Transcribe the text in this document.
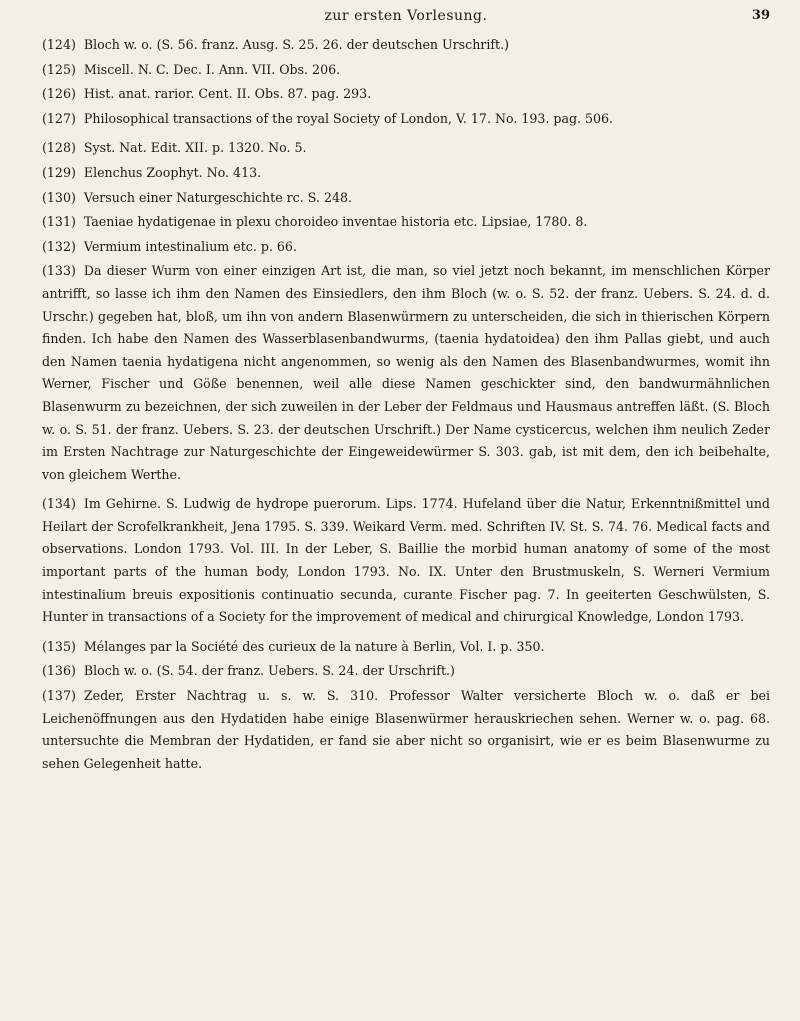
zur ersten Vorlesung.	39

(124) Bloch w. o. (S. 56. franz. Ausg. S. 25. 26. der deutschen Urschrift.)

(125) Miscell. N. C. Dec. I. Ann. VII. Obs. 206.

(126) Hist. anat. rarior. Cent. II. Obs. 87. pag. 293.

(127) Philosophical transactions of the royal Society of London, V. 17. No. 193. pag. 506.

(128) Syst. Nat. Edit. XII. p. 1320. No. 5.

(129) Elenchus Zoophyt. No. 413.

(130) Versuch einer Naturgeschichte rc. S. 248.

(131) Taeniae hydatigenae in plexu choroideo inventae historia etc. Lipsiae, 1780. 8.

(132) Vermium intestinalium etc. p. 66.

(133) Da dieser Wurm von einer einzigen Art ist, die man, so viel jetzt noch bekannt, im menschlichen Körper antrifft, so lasse ich ihm den Namen des Einsiedlers, den ihm Bloch (w. o. S. 52. der franz. Uebers. S. 24. d. d. Urschr.) gegeben hat, bloß, um ihn von andern Blasenwürmern zu unterscheiden, die sich in thierischen Körpern finden. Ich habe den Namen des Wasserblasenbandwurms, (taenia hydatoidea) den ihm Pallas giebt, und auch den Namen taenia hydatigena nicht angenommen, so wenig als den Namen des Blasenbandwurmes, womit ihn Werner, Fischer und Göße benennen, weil alle diese Namen gesch​ickter sind, den bandwurmähnlichen Blasenwurm zu bezeichnen, der sich zuweilen in der Leber der Feldmaus und Hausmaus antreffen läßt. (S. Bloch w. o. S. 51. der franz. Uebers. S. 23. der deutschen Urschrift.) Der Name cysticercus, welchen ihm neulich Zeder im Ersten Nachtrage zur Naturgeschichte der Eingeweidewürmer S. 303. gab, ist mit dem, den ich beibehalte, von gleichem Werthe.

(134) Im Gehirne. S. Ludwig de hydrope puerorum. Lips. 1774. Hufeland über die Natur, Erkenntnißmittel und Heilart der Scrofelkrankheit, Jena 1795. S. 339. Weikard Verm. med. Schriften IV. St. S. 74. 76. Medical facts and observations. London 1793. Vol. III. In der Leber, S. Baillie the morbid human anatomy of some of the most important parts of the human body, London 1793. No. IX. Unter den Brustmuskeln, S. Werneri Vermium intestinalium breuis expositionis continuatio secunda, curante Fischer pag. 7. In geeiterten Geschwülsten, S. Hunter in transactions of a Society for the improvement of medical and chirurgical Knowledge, London 1793.

(135) Mélanges par la Société des curieux de la nature à Berlin, Vol. I. p. 350.

(136) Bloch w. o. (S. 54. der franz. Uebers. S. 24. der Urschrift.)

(137) Zeder, Erster Nachtrag u. s. w. S. 310. Professor Walter versicherte Bloch w. o. daß er bei Leichenöffnungen aus den Hydatiden habe einige Blasenwürmer herauskriechen sehen. Werner w. o. pag. 68. untersuchte die Membran der Hydatiden, er fand sie aber nicht so organisirt, wie er es beim Blasenwurme zu sehen Gelegenheit hatte.
